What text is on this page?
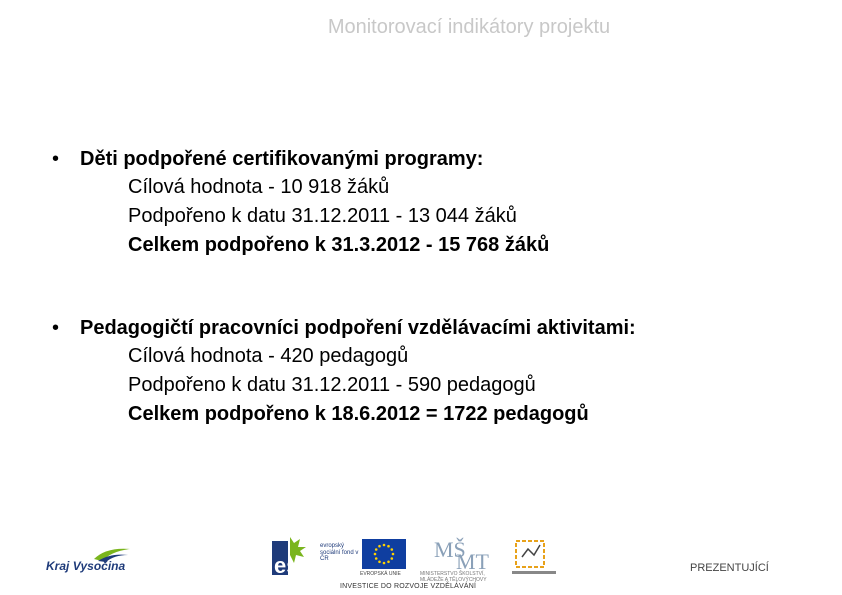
Monitorovací indikátory projektu
•	Děti podpořené certifikovanými programy:
Cílová hodnota - 10 918 žáků
Podpořeno k datu 31.12.2011 - 13 044 žáků
Celkem podpořeno k 31.3.2012 - 15 768 žáků
•	Pedagogičtí pracovníci podpoření vzdělávacími aktivitami:
Cílová hodnota - 420 pedagogů
Podpořeno k datu 31.12.2011 - 590 pedagogů
Celkem podpořeno k 18.6.2012 = 1722 pedagogů
Kraj Vysočina	esf
evropský sociální fond v ČR
EVROPSKÁ UNIE
MŠ
MT
MINISTERSTVO ŠKOLSTVÍ, MLÁDEŽE A TĚLOVÝCHOVY
INVESTICE DO ROZVOJE VZDĚLÁVÁNÍ
PREZENTUJÍCÍ
